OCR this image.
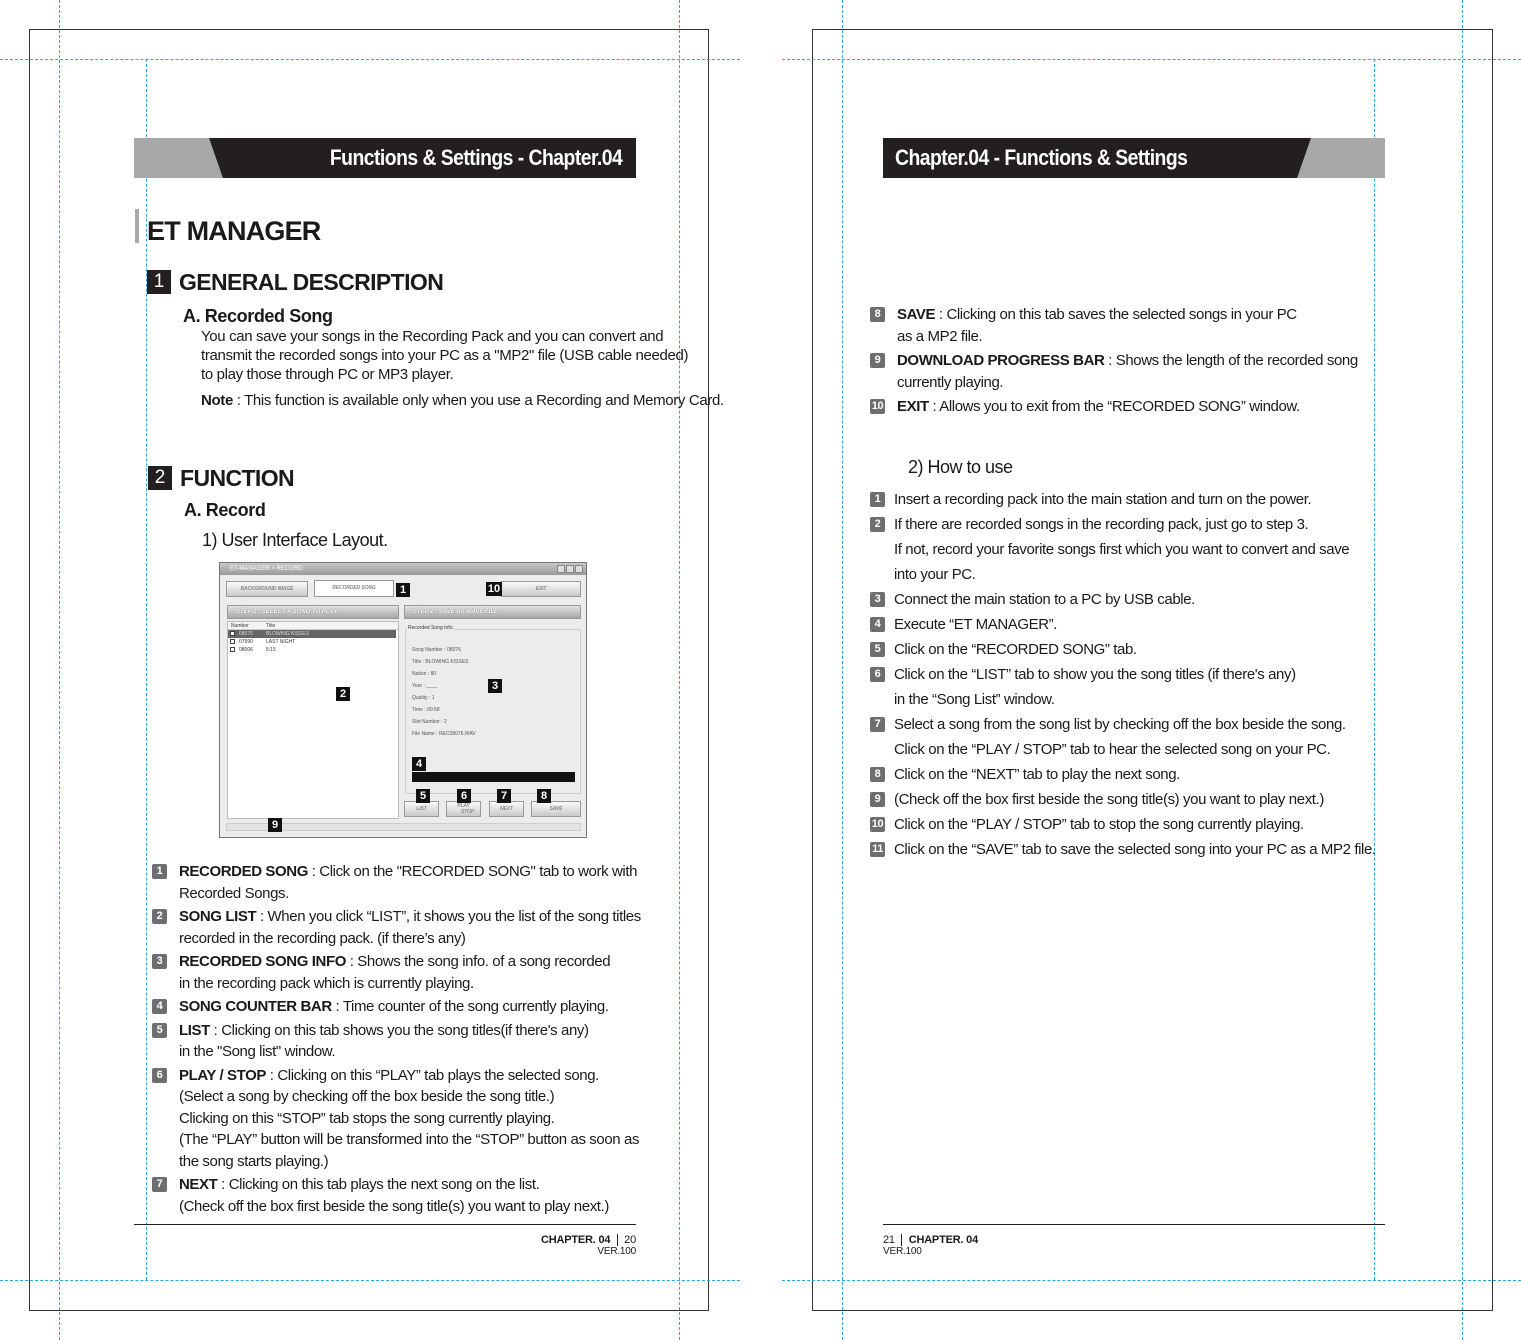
Functions & Settings - Chapter.04
ET MANAGER
1 GENERAL DESCRIPTION
A. Recorded Song
You can save your songs in the Recording Pack and you can convert and
transmit the recorded songs into your PC as a "MP2" file (USB cable needed)
to play those through PC or MP3 player.
Note : This function is available only when you use a Recording and Memory Card.
2 FUNCTION
A. Record
1) User Interface Layout.
ET-MANAGER > RECORD
BACKGROUND IMAGE	RECORDED SONG	EXIT
STEP 1 : SELECT A SONG TO PLAY	STEP 2 : SAVE AS WAVE FILE
Number	Title
08076	BLOWING KISSES
07990	LAST NIGHT
08006	5:15
Recorded Song Info.
Song Number : 08076
Title : BLOWING KISSES
Nation : 80
Year : ____
Quality : 1
Time : 00:58
Slot Number : 2
File Name : REC08076.WAV
LIST	PLAY
STOP	NEXT	SAVE
1	10
2
3
4
5	6	7	8
9
1	RECORDED SONG : Click on the "RECORDED SONG" tab to work with
Recorded Songs.
2	SONG LIST : When you click “LIST”, it shows you the list of the song titles
recorded in the recording pack. (if there’s any)
3	RECORDED SONG INFO : Shows the song info. of a song recorded
in the recording pack which is currently playing.
4	SONG COUNTER BAR : Time counter of the song currently playing.
5	LIST : Clicking on this tab shows you the song titles(if there's any)
in the "Song list" window.
6	PLAY / STOP : Clicking on this “PLAY” tab plays the selected song.
(Select a song by checking off the box beside the song title.)
Clicking on this “STOP” tab stops the song currently playing.
(The “PLAY” button will be transformed into the “STOP” button as soon as
the song starts playing.)
7	NEXT : Clicking on this tab plays the next song on the list.
(Check off the box first beside the song title(s) you want to play next.)
CHAPTER. 04 20
VER.100
Chapter.04 - Functions & Settings
8	SAVE : Clicking on this tab saves the selected songs in your PC
as a MP2 file.
9	DOWNLOAD PROGRESS BAR : Shows the length of the recorded song
currently playing.
10 EXIT : Allows you to exit from the “RECORDED SONG” window.
2) How to use
1 Insert a recording pack into the main station and turn on the power.
2 If there are recorded songs in the recording pack, just go to step 3.
If not, record your favorite songs first which you want to convert and save
into your PC.
3 Connect the main station to a PC by USB cable.
4 Execute “ET MANAGER”.
5 Click on the “RECORDED SONG” tab.
6 Click on the “LIST” tab to show you the song titles (if there's any)
in the “Song List” window.
7 Select a song from the song list by checking off the box beside the song.
Click on the “PLAY / STOP” tab to hear the selected song on your PC.
8 Click on the “NEXT” tab to play the next song.
9 (Check off the box first beside the song title(s) you want to play next.)
10 Click on the “PLAY / STOP” tab to stop the song currently playing.
11 Click on the “SAVE” tab to save the selected song into your PC as a MP2 file.
21 CHAPTER. 04
VER.100
